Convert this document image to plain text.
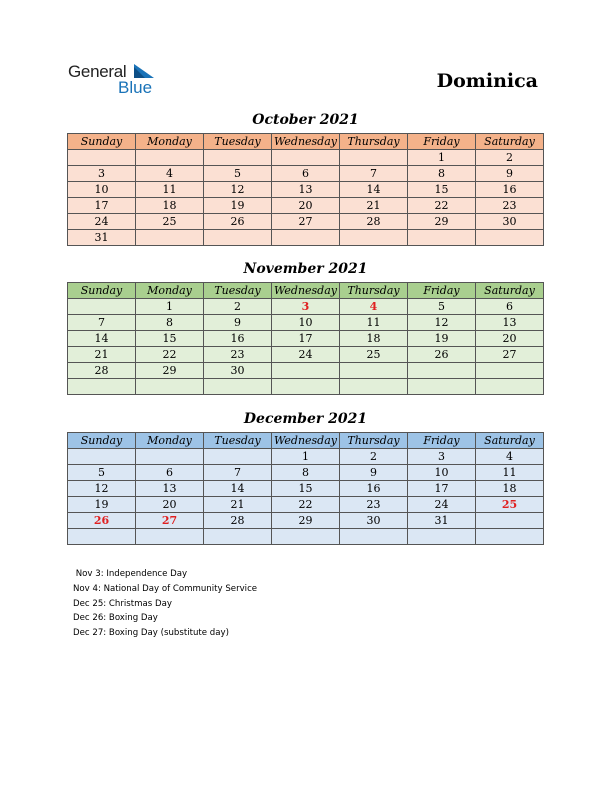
General
Blue	Dominica
October 2021
Sunday	Monday	Tuesday	Wednesday	Thursday	Friday	Saturday
					1	2
3	4	5	6	7	8	9
10	11	12	13	14	15	16
17	18	19	20	21	22	23
24	25	26	27	28	29	30
31						
November 2021
Sunday	Monday	Tuesday	Wednesday	Thursday	Friday	Saturday
	1	2	3	4	5	6
7	8	9	10	11	12	13
14	15	16	17	18	19	20
21	22	23	24	25	26	27
28	29	30				

December 2021
Sunday	Monday	Tuesday	Wednesday	Thursday	Friday	Saturday
			1	2	3	4
5	6	7	8	9	10	11
12	13	14	15	16	17	18
19	20	21	22	23	24	25
26	27	28	29	30	31	

Nov 3: Independence Day
Nov 4: National Day of Community Service
Dec 25: Christmas Day
Dec 26: Boxing Day
Dec 27: Boxing Day (substitute day)
